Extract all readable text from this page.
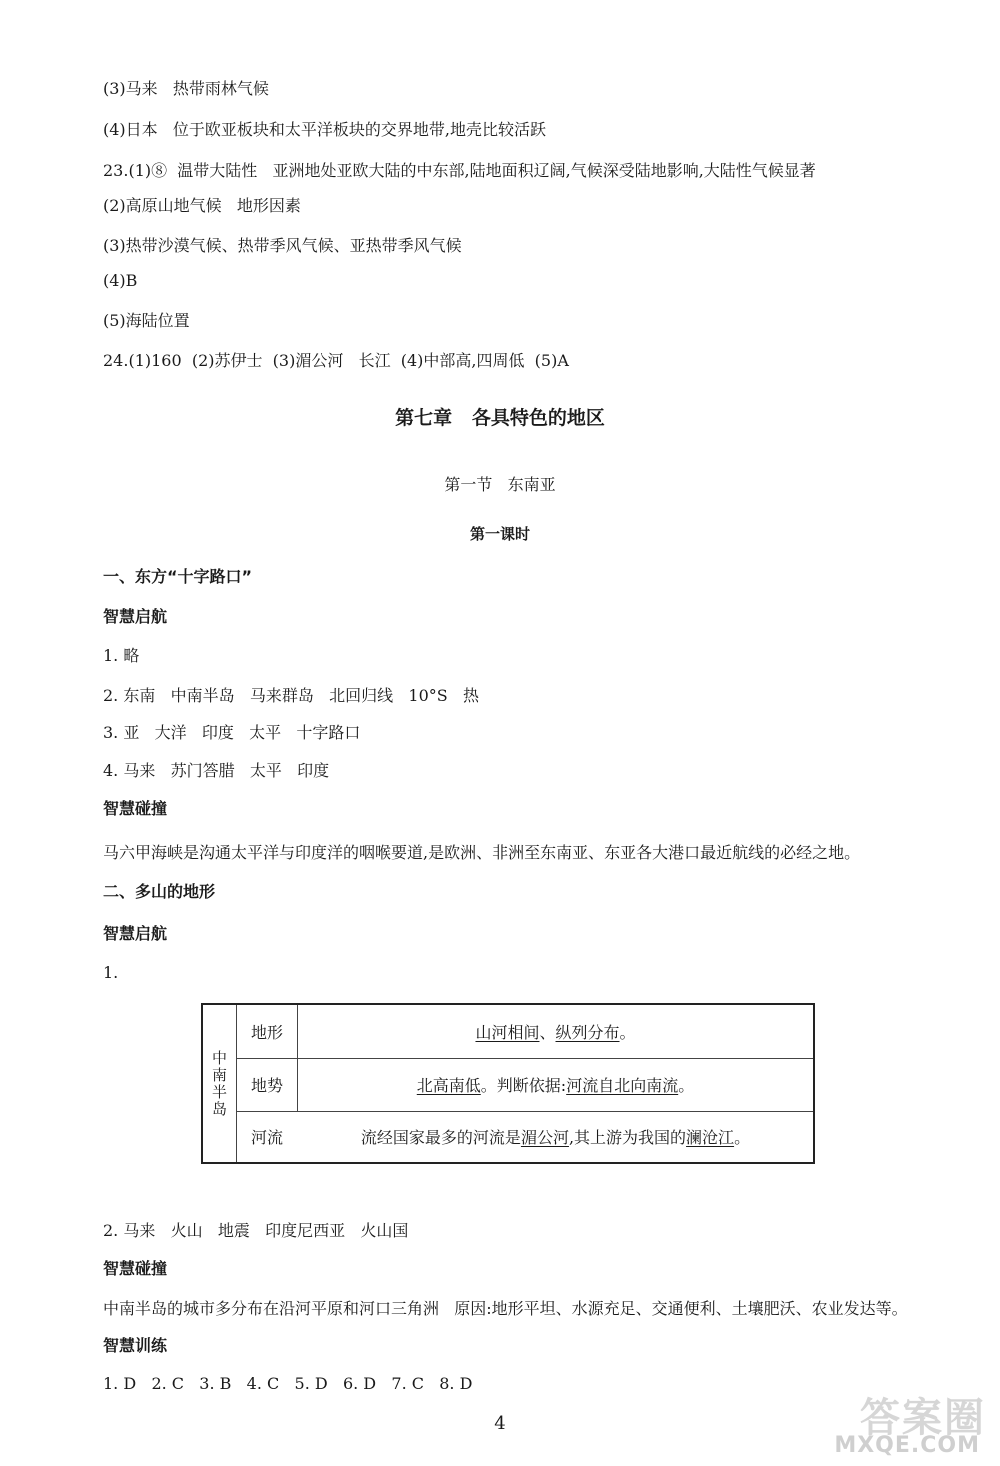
(3)马来   热带雨林气候
(4)日本   位于欧亚板块和太平洋板块的交界地带,地壳比较活跃
23.(1)⑧  温带大陆性   亚洲地处亚欧大陆的中东部,陆地面积辽阔,气候深受陆地影响,大陆性气候显著
(2)高原山地气候   地形因素
(3)热带沙漠气候、热带季风气候、亚热带季风气候
(4)B
(5)海陆位置
24.(1)160  (2)苏伊士  (3)湄公河   长江  (4)中部高,四周低  (5)A
第七章   各具特色的地区
第一节   东南亚
第一课时
一、东方“十字路口”
智慧启航
1. 略
2. 东南   中南半岛   马来群岛   北回归线   10°S   热
3. 亚   大洋   印度   太平   十字路口
4. 马来   苏门答腊   太平   印度
智慧碰撞
马六甲海峡是沟通太平洋与印度洋的咽喉要道,是欧洲、非洲至东南亚、东亚各大港口最近航线的必经之地。
二、多山的地形
智慧启航
1.
中南半岛
地形	山河相间 、 纵列分布 。
地势	北高南低 。判断依据: 河流自北向南流 。
河流	流经国家最多的河流是 湄公河 ,其上游为我国的 澜沧江 。
2. 马来   火山   地震   印度尼西亚   火山国
智慧碰撞
中南半岛的城市多分布在沿河平原和河口三角洲   原因:地形平坦、水源充足、交通便利、土壤肥沃、农业发达等。
智慧训练
1. D   2. C   3. B   4. C   5. D   6. D   7. C   8. D
4	答案圈
MXQE.COM
